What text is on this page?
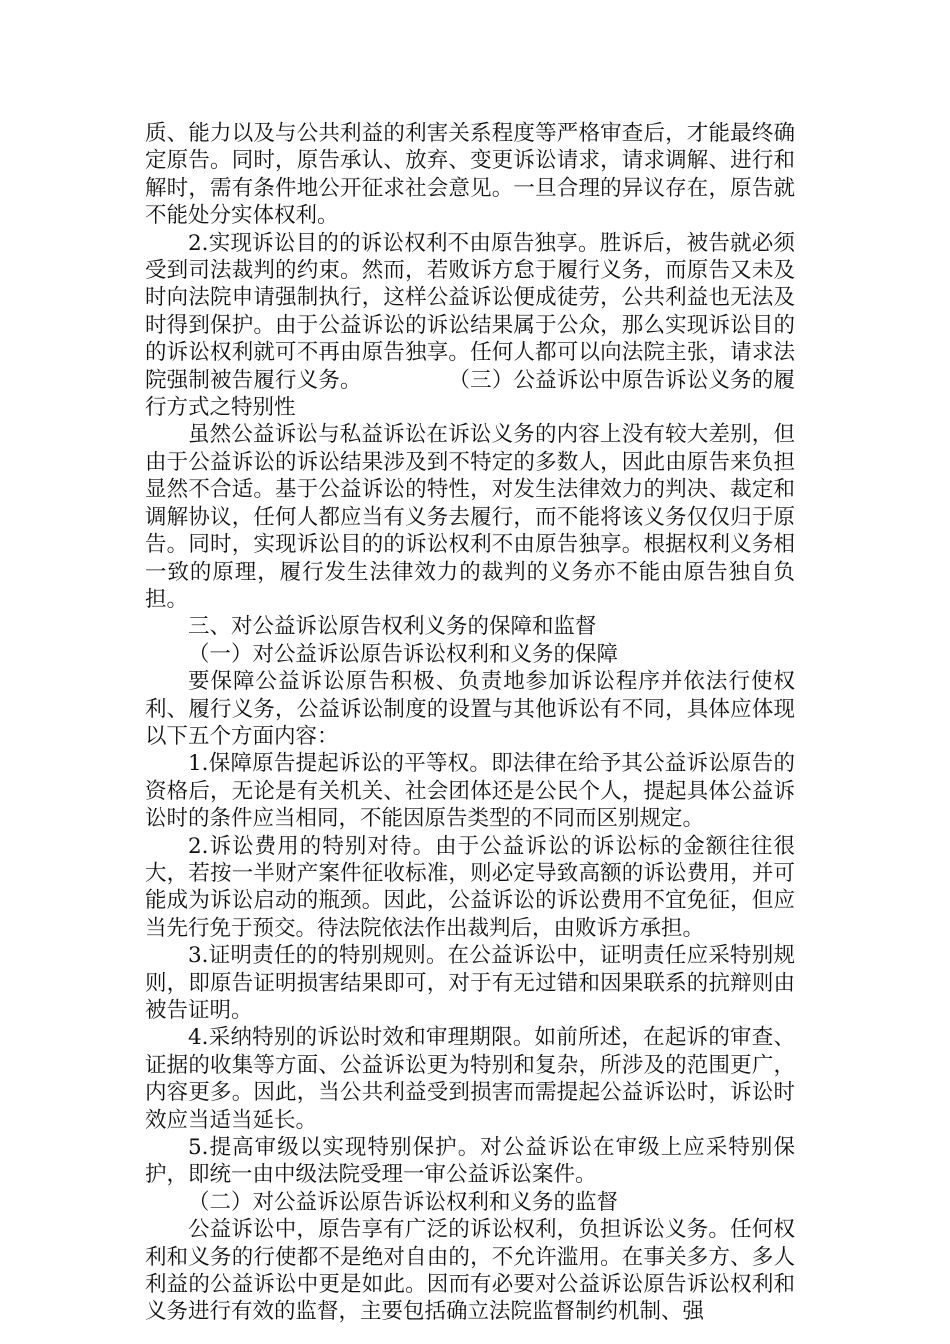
质、能力以及与公共利益的利害关系程度等严格审查后，才能最终确定原告。同时，原告承认、放弃、变更诉讼请求，请求调解、进行和解时，需有条件地公开征求社会意见。一旦合理的异议存在，原告就不能处分实体权利。

2.实现诉讼目的的诉讼权利不由原告独享。胜诉后，被告就必须受到司法裁判的约束。然而，若败诉方怠于履行义务，而原告又未及时向法院申请强制执行，这样公益诉讼便成徒劳，公共利益也无法及时得到保护。由于公益诉讼的诉讼结果属于公众，那么实现诉讼目的的诉讼权利就可不再由原告独享。任何人都可以向法院主张，请求法院强制被告履行义务。　　　　　（三）公益诉讼中原告诉讼义务的履行方式之特别性

虽然公益诉讼与私益诉讼在诉讼义务的内容上没有较大差别，但由于公益诉讼的诉讼结果涉及到不特定的多数人，因此由原告来负担显然不合适。基于公益诉讼的特性，对发生法律效力的判决、裁定和调解协议，任何人都应当有义务去履行，而不能将该义务仅仅归于原告。同时，实现诉讼目的的诉讼权利不由原告独享。根据权利义务相一致的原理，履行发生法律效力的裁判的义务亦不能由原告独自负担。

三、对公益诉讼原告权利义务的保障和监督

（一）对公益诉讼原告诉讼权利和义务的保障

要保障公益诉讼原告积极、负责地参加诉讼程序并依法行使权利、履行义务，公益诉讼制度的设置与其他诉讼有不同，具体应体现以下五个方面内容：

1.保障原告提起诉讼的平等权。即法律在给予其公益诉讼原告的资格后，无论是有关机关、社会团体还是公民个人，提起具体公益诉讼时的条件应当相同，不能因原告类型的不同而区别规定。

2.诉讼费用的特别对待。由于公益诉讼的诉讼标的金额往往很大，若按一半财产案件征收标准，则必定导致高额的诉讼费用，并可能成为诉讼启动的瓶颈。因此，公益诉讼的诉讼费用不宜免征，但应当先行免于预交。待法院依法作出裁判后，由败诉方承担。

3.证明责任的的特别规则。在公益诉讼中，证明责任应采特别规则，即原告证明损害结果即可，对于有无过错和因果联系的抗辩则由被告证明。

4.采纳特别的诉讼时效和审理期限。如前所述，在起诉的审查、证据的收集等方面、公益诉讼更为特别和复杂，所涉及的范围更广，内容更多。因此，当公共利益受到损害而需提起公益诉讼时，诉讼时效应当适当延长。

5.提高审级以实现特别保护。对公益诉讼在审级上应采特别保护，即统一由中级法院受理一审公益诉讼案件。

（二）对公益诉讼原告诉讼权利和义务的监督

公益诉讼中，原告享有广泛的诉讼权利，负担诉讼义务。任何权利和义务的行使都不是绝对自由的，不允许滥用。在事关多方、多人利益的公益诉讼中更是如此。因而有必要对公益诉讼原告诉讼权利和义务进行有效的监督，主要包括确立法院监督制约机制、强
